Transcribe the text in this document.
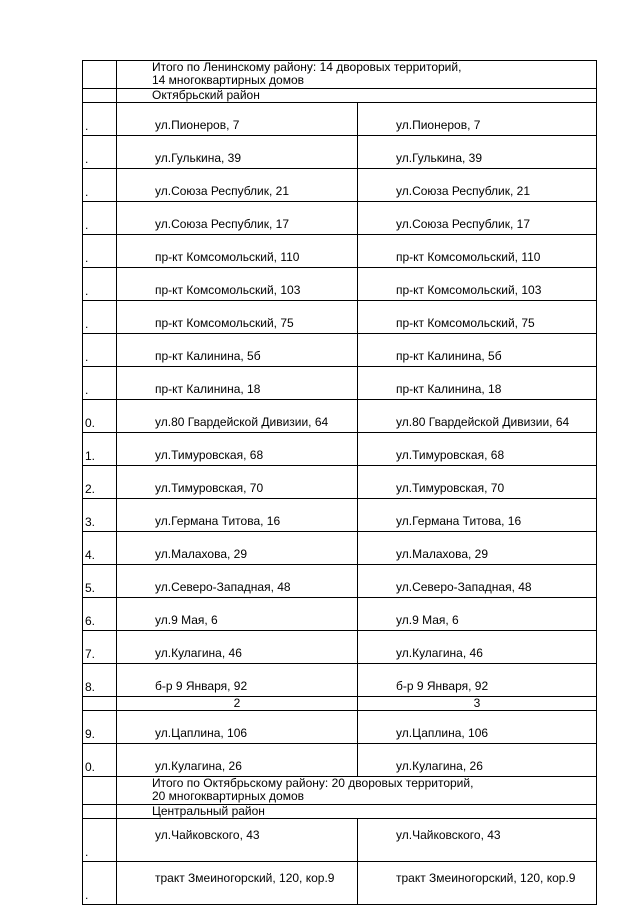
	Итого по Ленинскому району: 14 дворовых территорий,
14 многоквартирных домов	

	Октябрьский район	
.	ул.Пионеров, 7	ул.Пионеров, 7
.	ул.Гулькина, 39	ул.Гулькина, 39
.	ул.Союза Республик, 21	ул.Союза Республик, 21
.	ул.Союза Республик, 17	ул.Союза Республик, 17
.	пр-кт Комсомольский, 110	пр-кт Комсомольский, 110
.	пр-кт Комсомольский, 103	пр-кт Комсомольский, 103
.	пр-кт Комсомольский, 75	пр-кт Комсомольский, 75
.	пр-кт Калинина, 5б	пр-кт Калинина, 5б
.	пр-кт Калинина, 18	пр-кт Калинина, 18
0.	ул.80 Гвардейской Дивизии, 64	ул.80 Гвардейской Дивизии, 64
1.	ул.Тимуровская, 68	ул.Тимуровская, 68
2.	ул.Тимуровская, 70	ул.Тимуровская, 70
3.	ул.Германа Титова, 16	ул.Германа Титова, 16
4.	ул.Малахова, 29	ул.Малахова, 29
5.	ул.Северо-Западная, 48	ул.Северо-Западная, 48
6.	ул.9 Мая, 6	ул.9 Мая, 6
7.	ул.Кулагина, 46	ул.Кулагина, 46
8.	б-р 9 Января, 92	б-р 9 Января, 92
	2	3
9.	ул.Цаплина, 106	ул.Цаплина, 106
0.	ул.Кулагина, 26	ул.Кулагина, 26

	Итого по Октябрьскому району: 20 дворовых территорий,
20 многоквартирных домов	

	Центральный район	

.	ул.Чайковского, 43	ул.Чайковского, 43
.	тракт Змеиногорский, 120, кор.9	тракт Змеиногорский, 120, кор.9
